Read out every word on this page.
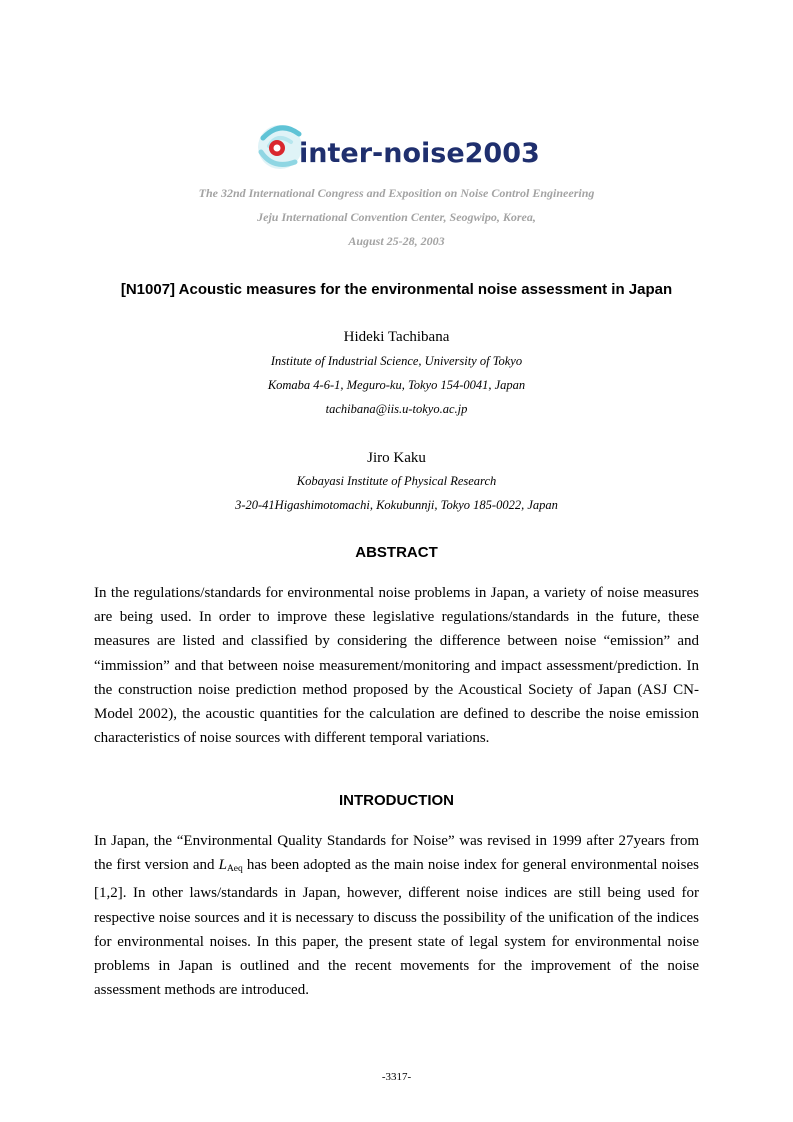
inter-noise2003
The 32nd International Congress and Exposition on Noise Control Engineering
Jeju International Convention Center, Seogwipo, Korea,
August 25-28, 2003
[N1007] Acoustic measures for the environmental noise assessment in Japan
Hideki Tachibana
Institute of Industrial Science, University of Tokyo
Komaba 4-6-1, Meguro-ku, Tokyo 154-0041, Japan
tachibana@iis.u-tokyo.ac.jp
Jiro Kaku
Kobayasi Institute of Physical Research
3-20-41Higashimotomachi, Kokubunnji, Tokyo 185-0022, Japan
ABSTRACT

In the regulations/standards for environmental noise problems in Japan, a variety of noise measures are being used. In order to improve these legislative regulations/standards in the future, these measures are listed and classified by considering the difference between noise “emission” and “immission” and that between noise measurement/monitoring and impact assessment/prediction. In the construction noise prediction method proposed by the Acoustical Society of Japan (ASJ CN-Model 2002), the acoustic quantities for the calculation are defined to describe the noise emission characteristics of noise sources with different temporal variations.

INTRODUCTION

In Japan, the “Environmental Quality Standards for Noise” was revised in 1999 after 27years from the first version and $L_{Aeq}$ has been adopted as the main noise index for general environmental noises [1,2]. In other laws/standards in Japan, however, different noise indices are still being used for respective noise sources and it is necessary to discuss the possibility of the unification of the indices for environmental noises. In this paper, the present state of legal system for environmental noise problems in Japan is outlined and the recent movements for the improvement of the noise assessment methods are introduced.

-3317-
